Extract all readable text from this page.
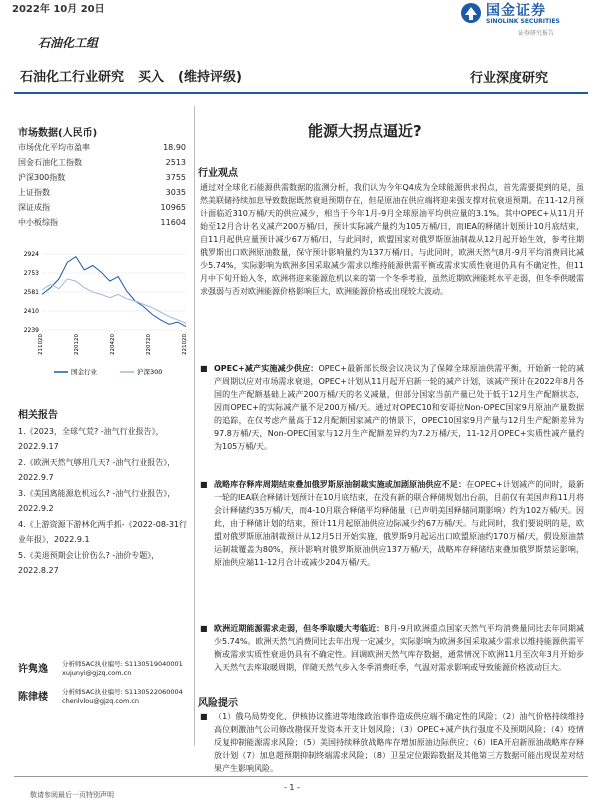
2022年 10月 20日	国金证券
SINOLINK SECURITIES
证券研究报告
石油化工组
石油化工行业研究 买入 (维持评级)	行业深度研究
市场数据(人民币)
市场优化平均市盈率	18.90
国金石油化工指数	2513
沪深300指数	3755
上证指数	3035
深证成指	10965
中小板综指	11604
2924
2753
2581
2410
2239
211020	220120	220420	220720	221020
国金行业	沪深300
相关报告

1.《2023，全球气荒? -油气行业报告》，2022.9.17

2.《欧洲天然气够用几天? -油气行业报告》，2022.9.7

3.《美国离能源危机远么? -油气行业报告》，2022.9.2

4.《上游资源下游林化两手抓-《2022-08-31行业年报》，2022.9.1

5.《美退预期会让价伤么? -油价专题》，2022.8.27

许隽逸 分析师SAC执业编号: S1130519040001
xujunyi@gjzq.com.cn
陈律楼 分析师SAC执业编号: S1130522060004
chenlvlou@gjzq.com.cn
能源大拐点逼近?
行业观点

通过对全球化石能源供需数据的监测分析，我们认为今年Q4成为全球能源供求拐点，首先需要提到的是，虽然美联储持续加息导致数据既然衰退预期存在，但是原油在供应端将迎来强支撑对抗衰退预期。在11-12月预计面临近310万桶/天的供应减少，相当于今年1月-9月全球原油平均供应量的3.1%。其中OPEC+从11月开始至12月合计名义减产200万桶/日，预计实际减产量约为105万桶/日，而IEA的释储计划预计10月底结束，自11月起供应量预计减少67万桶/日，与此同时，欧盟国家对俄罗斯原油制裁从12月起开始生效，参考往期俄罗斯出口欧洲原油数量，保守预计影响量约为137万桶/日。与此同时，欧洲天然气8月-9月平均消费同比减少5.74%，实际影响为欧洲多国采取减少需求以维持能源供需平衡或需求实质性衰退仍具有不确定性，但11月中下旬开始入冬，欧洲将迎来能源危机以来的第一个冬季考验，虽然近期欧洲能耗水平走弱，但冬季供暖需求强弱与否对欧洲能源价格影响巨大，欧洲能源价格或出现较大波动。

■ OPEC+减产实施减少供应：OPEC+最新部长级会议决议为了保障全球原油供需平衡，开始新一轮的减产周期以应对市场需求衰退，OPEC+计划从11月起开启新一轮的减产计划，该减产预计在2022年8月各国的生产配额基础上减产200万桶/天的名义减量，但部分国家当前产量已处于低于12月生产配额状态，因而OPEC+的实际减产量不足200万桶/天。通过对OPEC10和安哥拉Non-OPEC国家9月原油产量数据的追踪，在仅考虑产量高于12月配额国家减产的情景下，OPEC10国家9月产量与12月生产配额差异为97.8万桶/天，Non-OPEC国家与12月生产配额差异约为7.2万桶/天，11-12月OPEC+实质性减产量约为105万桶/天。
■ 战略库存释库周期结束叠加俄罗斯原油制裁实施或加剧原油供应不足：在OPEC+计划减产的同时，最新一轮的IEA联合释储计划预计在10月底结束，在没有新的联合释储规划出台前，目前仅有美国声称11月将会计释储约35万桶/天，而4-10月联合释储平均释储量（已声明美国释储同期影响）约为102万桶/天。因此，由于释储计划的结束，预计11月起原油供应边际减少约67万桶/天。与此同时，我们要说明的是，欧盟对俄罗斯原油制裁预计从12月5日开始实施，俄罗斯9月起运出口欧盟原油约170万桶/天，假设原油禁运制裁覆盖为80%，预计影响对俄罗斯原油供应137万桶/天，战略库存释储结束叠加俄罗斯禁运影响，原油供应端11-12月合计或减少204万桶/天。
■ 欧洲近期能源需求走弱，但冬季取暖大考临近：8月-9月欧洲重点国家天然气平均消费量同比去年同期减少5.74%。欧洲天然气消费同比去年出现一定减少，实际影响为欧洲多国采取减少需求以维持能源供需平衡或需求实质性衰退仍具有不确定性。回调欧洲天然气库存数据，通常情况下欧洲11月至次年3月开始步入天然气去库取暖周期，伴随天然气步入冬季消费旺季，气温对需求影响或导致能源价格波动巨大。
风险提示
■ （1）俄乌局势变化、伊核协议推进等地缘政治事件造成供应端不确定性的风险；（2）油气价格持续维持高位刺激油气公司修改勘探开发资本开支计划风险；（3）OPEC+减产执行强度不及预期风险；（4）疫情反复抑制能源需求风险；（5）美国持续释放战略库存增加原油边际供应；（6）IEA开启新原油战略库存释放计划（7）加息超预期抑制终端需求风险；（8）卫星定位跟踪数据及其他第三方数据可能出现误差对结果产生影响风险。
- 1 -
敬请参阅最后一页特别声明
